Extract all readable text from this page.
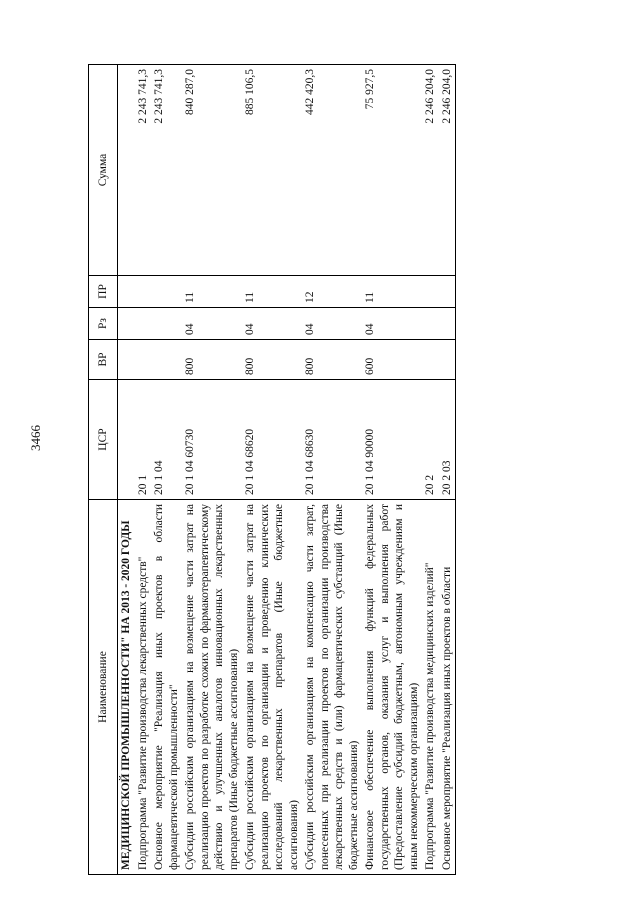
3466
Наименование	ЦСР	ВР	Рз	ПР	Сумма
МЕДИЦИНСКОЙ ПРОМЫШЛЕННОСТИ" НА 2013 - 2020 ГОДЫ					
Подпрограмма "Развитие производства лекарственных средств"	20 1				2 243 741,3
Основное мероприятие "Реализация иных проектов в области фармацевтической промышленности"	20 1 04				2 243 741,3
Субсидии российским организациям на возмещение части затрат на реализацию проектов по разработке схожих по фармакотерапевтическому действию и улучшенных аналогов инновационных лекарственных препаратов (Иные бюджетные ассигнования)	20 1 04 60730	800	04	11	840 287,0
Субсидии российским организациям на возмещение части затрат на реализацию проектов по организации и проведению клинических исследований лекарственных препаратов (Иные бюджетные ассигнования)	20 1 04 68620	800	04	11	885 106,5
Субсидии российским организациям на компенсацию части затрат, понесенных при реализации проектов по организации производства лекарственных средств и (или) фармацевтических субстанций (Иные бюджетные ассигнования)	20 1 04 68630	800	04	12	442 420,3
Финансовое обеспечение выполнения функций федеральных государственных органов, оказания услуг и выполнения работ (Предоставление субсидий бюджетным, автономным учреждениям и иным некоммерческим организациям)	20 1 04 90000	600	04	11	75 927,5
Подпрограмма "Развитие производства медицинских изделий"	20 2				2 246 204,0
Основное мероприятие "Реализация иных проектов в области	20 2 03				2 246 204,0
